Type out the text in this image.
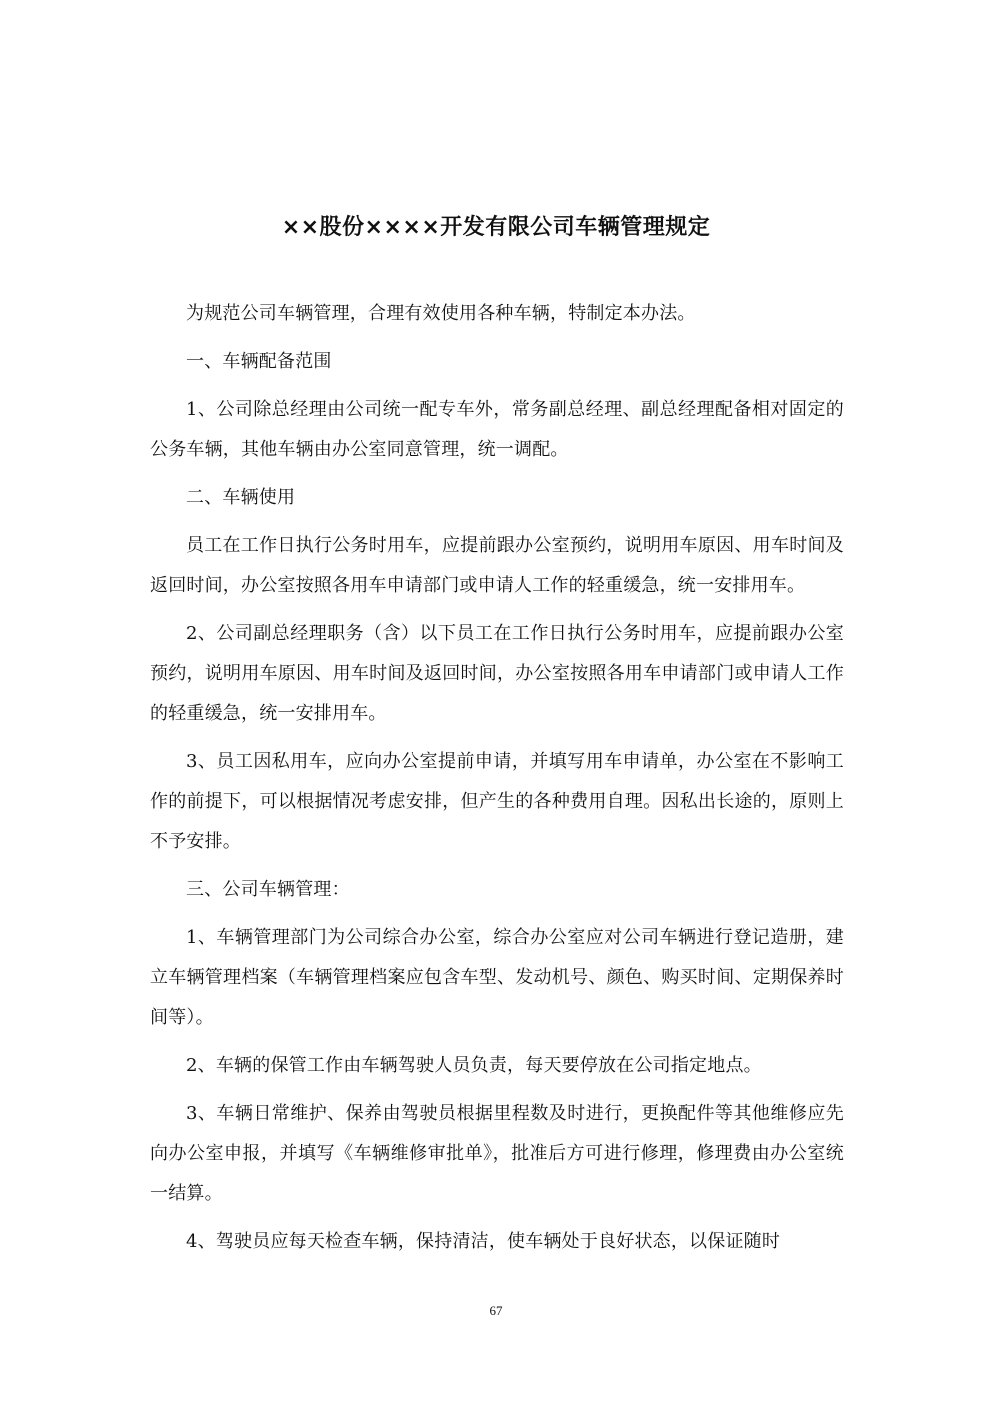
××股份××××开发有限公司车辆管理规定

为规范公司车辆管理，合理有效使用各种车辆，特制定本办法。

一、车辆配备范围

1、公司除总经理由公司统一配专车外，常务副总经理、副总经理配备相对固定的公务车辆，其他车辆由办公室同意管理，统一调配。

二、车辆使用

员工在工作日执行公务时用车，应提前跟办公室预约，说明用车原因、用车时间及返回时间，办公室按照各用车申请部门或申请人工作的轻重缓急，统一安排用车。

2、公司副总经理职务（含）以下员工在工作日执行公务时用车，应提前跟办公室预约，说明用车原因、用车时间及返回时间，办公室按照各用车申请部门或申请人工作的轻重缓急，统一安排用车。

3、员工因私用车，应向办公室提前申请，并填写用车申请单，办公室在不影响工作的前提下，可以根据情况考虑安排，但产生的各种费用自理。因私出长途的，原则上不予安排。

三、公司车辆管理：

1、车辆管理部门为公司综合办公室，综合办公室应对公司车辆进行登记造册，建立车辆管理档案（车辆管理档案应包含车型、发动机号、颜色、购买时间、定期保养时间等）。

2、车辆的保管工作由车辆驾驶人员负责，每天要停放在公司指定地点。

3、车辆日常维护、保养由驾驶员根据里程数及时进行，更换配件等其他维修应先向办公室申报，并填写《车辆维修审批单》，批准后方可进行修理，修理费由办公室统一结算。

4、驾驶员应每天检查车辆，保持清洁，使车辆处于良好状态，以保证随时

67
